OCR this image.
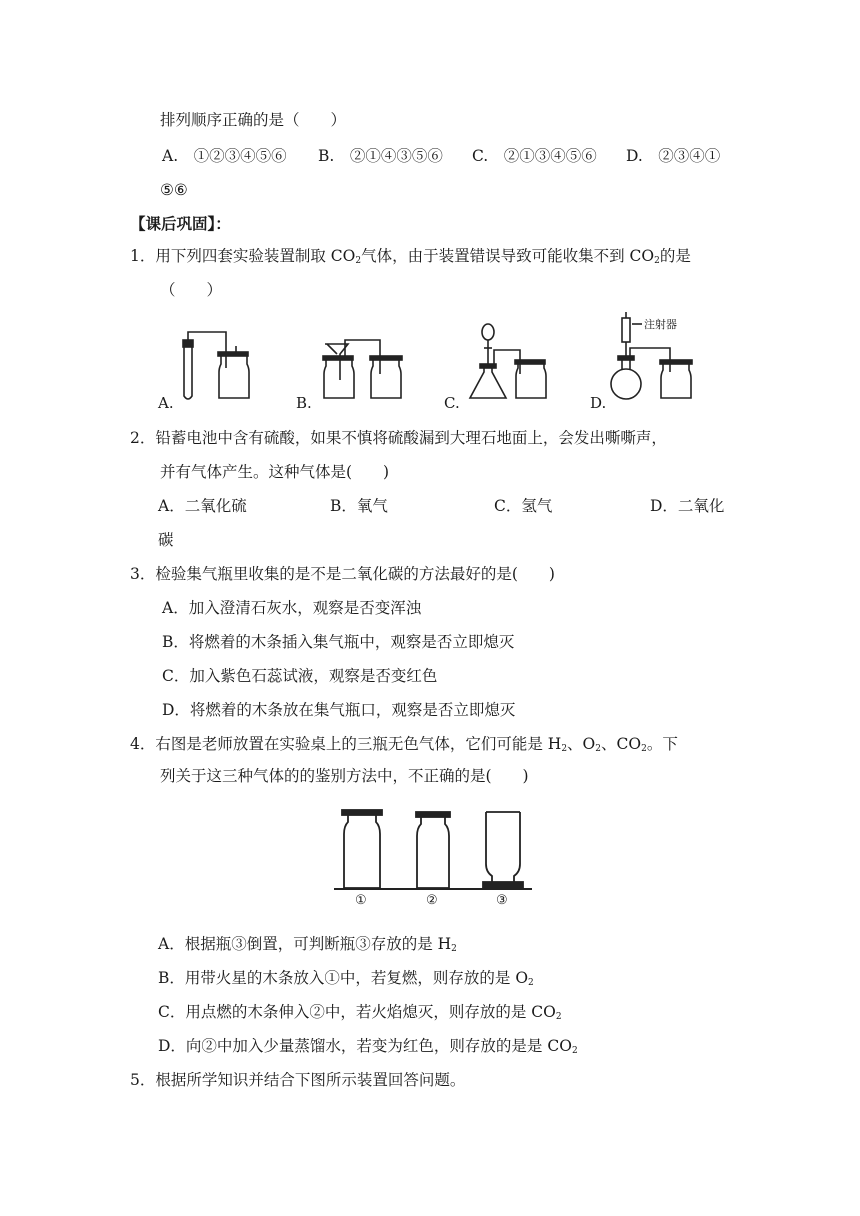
排列顺序正确的是（　　）
A.　①②③④⑤⑥ B.　②①④③⑤⑥ C.　②①③④⑤⑥ D.　②③④①
⑤⑥
【课后巩固】：
1．用下列四套实验装置制取 $CO_2$气体，由于装置错误导致可能收集不到 $CO_2$的是
（　　）
注射器
A.	B.	C.	D.
2．铅蓄电池中含有硫酸，如果不慎将硫酸漏到大理石地面上，会发出嘶嘶声，
并有气体产生。这种气体是(　　)
A．二氧化硫	B．氧气	C．氢气	D．二氧化
碳
3．检验集气瓶里收集的是不是二氧化碳的方法最好的是(　　)
A．加入澄清石灰水，观察是否变浑浊
B．将燃着的木条插入集气瓶中，观察是否立即熄灭
C．加入紫色石蕊试液，观察是否变红色
D．将燃着的木条放在集气瓶口，观察是否立即熄灭
4．右图是老师放置在实验桌上的三瓶无色气体，它们可能是 $H_2$、$O_2$、$CO_2$。下
列关于这三种气体的的鉴别方法中，不正确的是(　　)
①	②	③
A．根据瓶③倒置，可判断瓶③存放的是 $H_2$
B．用带火星的木条放入①中，若复燃，则存放的是 $O_2$
C．用点燃的木条伸入②中，若火焰熄灭，则存放的是 $CO_2$
D．向②中加入少量蒸馏水，若变为红色，则存放的是是 $CO_2$
5．根据所学知识并结合下图所示装置回答问题。
